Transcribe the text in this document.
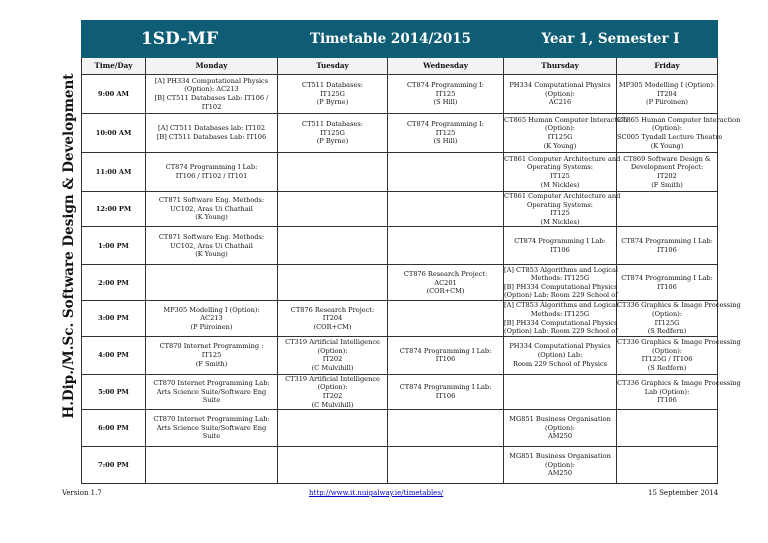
H.Dip./M.Sc. Software Design & Development
1SD-MF		Timetable 2014/2015		Year 1, Semester I	
Time/Day	Monday	Tuesday	Wednesday	Thursday	Friday
9:00 AM	[A] PH334 Computational Physics
(Option): AC213
[B] CT511 Databases Lab: IT106 /
IT102	CT511 Databases:
IT125G
(P Byrne)	CT874 Programming I:
IT125
(S Hill)	PH334 Computational Physics
(Option):
AC216	MP305 Modelling I (Option):
IT204
(P Piiroinen)

10:00 AM	[A] CT511 Databases lab: IT102
[B] CT511 Databases Lab: IT106	CT511 Databases:
IT125G
(P Byrne)	CT874 Programming I:
IT125
(S Hill)	CT865 Human Computer Interaction
(Option):
IT125G
(K Young)	CT865 Human Computer Interaction
(Option):
SC005 Tyndall Lecture Theatre
(K Young)

11:00 AM	CT874 Programming I Lab:
IT106 / IT102 / IT101			CT861 Computer Architecture and
Operating Systems:
IT125
(M Nickles)	CT869 Software Design &
Development Project:
IT202
(F Smith)

12:00 PM	CT871 Software Eng. Methods:
UC102, Aras Ui Chathail
(K Young)			CT861 Computer Architecture and
Operating Systems:
IT125
(M Nickles)	

1:00 PM	CT871 Software Eng. Methods:
UC102, Aras Ui Chathail
(K Young)			CT874 Programming I Lab:
IT106	CT874 Programming I Lab:
IT106

2:00 PM			CT876 Research Project:
AC201
(COR+CM)	[A] CT853 Algorithms and Logical
Methods: IT125G
[B] PH334 Computational Physics
(Option) Lab: Room 229 School of	CT874 Programming I Lab:
IT106

3:00 PM	MP305 Modelling I (Option):
AC213
(P Piiroinen)	CT876 Research Project:
IT204
(COR+CM)		[A] CT853 Algorithms and Logical
Methods: IT125G
[B] PH334 Computational Physics
(Option) Lab: Room 229 School of	CT336 Graphics & Image Processing
(Option):
IT125G
(S Redfern)

4:00 PM	CT870 Internet Programming :
IT125
(F Smith)	CT319 Artificial Intelligence
(Option):
IT202
(C Mulvihill)	CT874 Programming I Lab:
IT106	PH334 Computational Physics
(Option) Lab:
Room 229 School of Physics	CT336 Graphics & Image Processing
(Option):
IT125G / IT106
(S Redfern)

5:00 PM	CT870 Internet Programming Lab:
Arts Science Suite/Software Eng
Suite	CT319 Artificial Intelligence
(Option):
IT202
(C Mulvihill)	CT874 Programming I Lab:
IT106		CT336 Graphics & Image Processing
Lab (Option):
IT106

6:00 PM	CT870 Internet Programming Lab:
Arts Science Suite/Software Eng
Suite			MG851 Business Organisation
(Option):
AM250	

7:00 PM				MG851 Business Organisation
(Option):
AM250	

Version 1.7	http://www.it.nuigalway.ie/timetables/	15 September 2014
